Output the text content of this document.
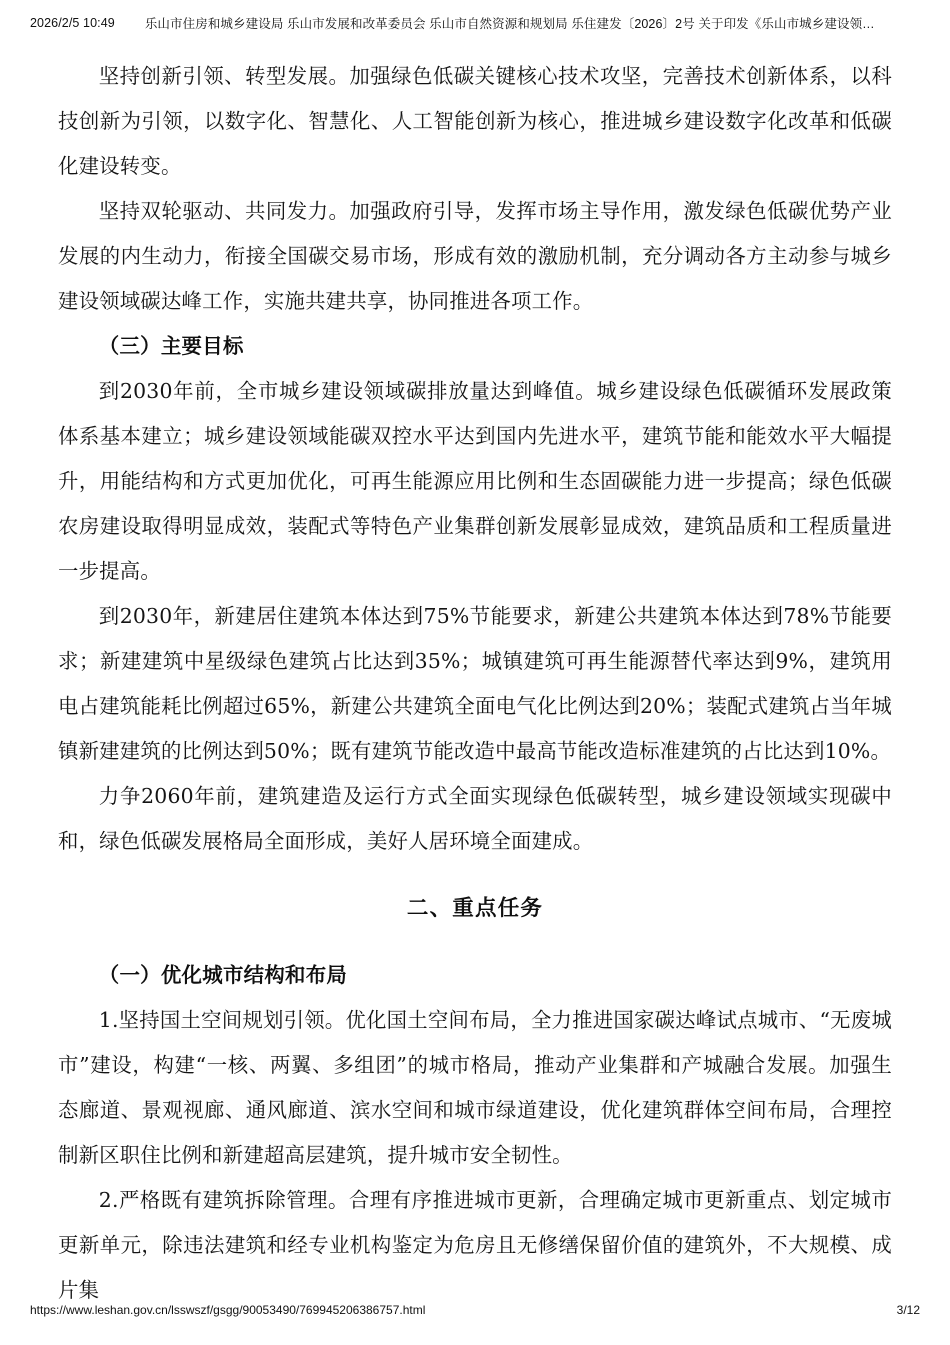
2026/2/5 10:49 乐山市住房和城乡建设局 乐山市发展和改革委员会 乐山市自然资源和规划局 乐住建发〔2026〕2号 关于印发《乐山市城乡建设领…

坚持创新引领、转型发展。加强绿色低碳关键核心技术攻坚，完善技术创新体系，以科技创新为引领，以数字化、智慧化、人工智能创新为核心，推进城乡建设数字化改革和低碳化建设转变。

坚持双轮驱动、共同发力。加强政府引导，发挥市场主导作用，激发绿色低碳优势产业发展的内生动力，衔接全国碳交易市场，形成有效的激励机制，充分调动各方主动参与城乡建设领域碳达峰工作，实施共建共享，协同推进各项工作。

（三）主要目标

到2030年前，全市城乡建设领域碳排放量达到峰值。城乡建设绿色低碳循环发展政策体系基本建立；城乡建设领域能碳双控水平达到国内先进水平，建筑节能和能效水平大幅提升，用能结构和方式更加优化，可再生能源应用比例和生态固碳能力进一步提高；绿色低碳农房建设取得明显成效，装配式等特色产业集群创新发展彰显成效，建筑品质和工程质量进一步提高。

到2030年，新建居住建筑本体达到75%节能要求，新建公共建筑本体达到78%节能要求；新建建筑中星级绿色建筑占比达到35%；城镇建筑可再生能源替代率达到9%，建筑用电占建筑能耗比例超过65%，新建公共建筑全面电气化比例达到20%；装配式建筑占当年城镇新建建筑的比例达到50%；既有建筑节能改造中最高节能改造标准建筑的占比达到10%。

力争2060年前，建筑建造及运行方式全面实现绿色低碳转型，城乡建设领域实现碳中和，绿色低碳发展格局全面形成，美好人居环境全面建成。

二、重点任务
（一）优化城市结构和布局

1.坚持国土空间规划引领。优化国土空间布局，全力推进国家碳达峰试点城市、“无废城市”建设，构建“一核、两翼、多组团”的城市格局，推动产业集群和产城融合发展。加强生态廊道、景观视廊、通风廊道、滨水空间和城市绿道建设，优化建筑群体空间布局，合理控制新区职住比例和新建超高层建筑，提升城市安全韧性。

2.严格既有建筑拆除管理。合理有序推进城市更新，合理确定城市更新重点、划定城市更新单元，除违法建筑和经专业机构鉴定为危房且无修缮保留价值的建筑外，不大规模、成片集

https://www.leshan.gov.cn/lsswszf/gsgg/90053490/769945206386757.html	3/12
